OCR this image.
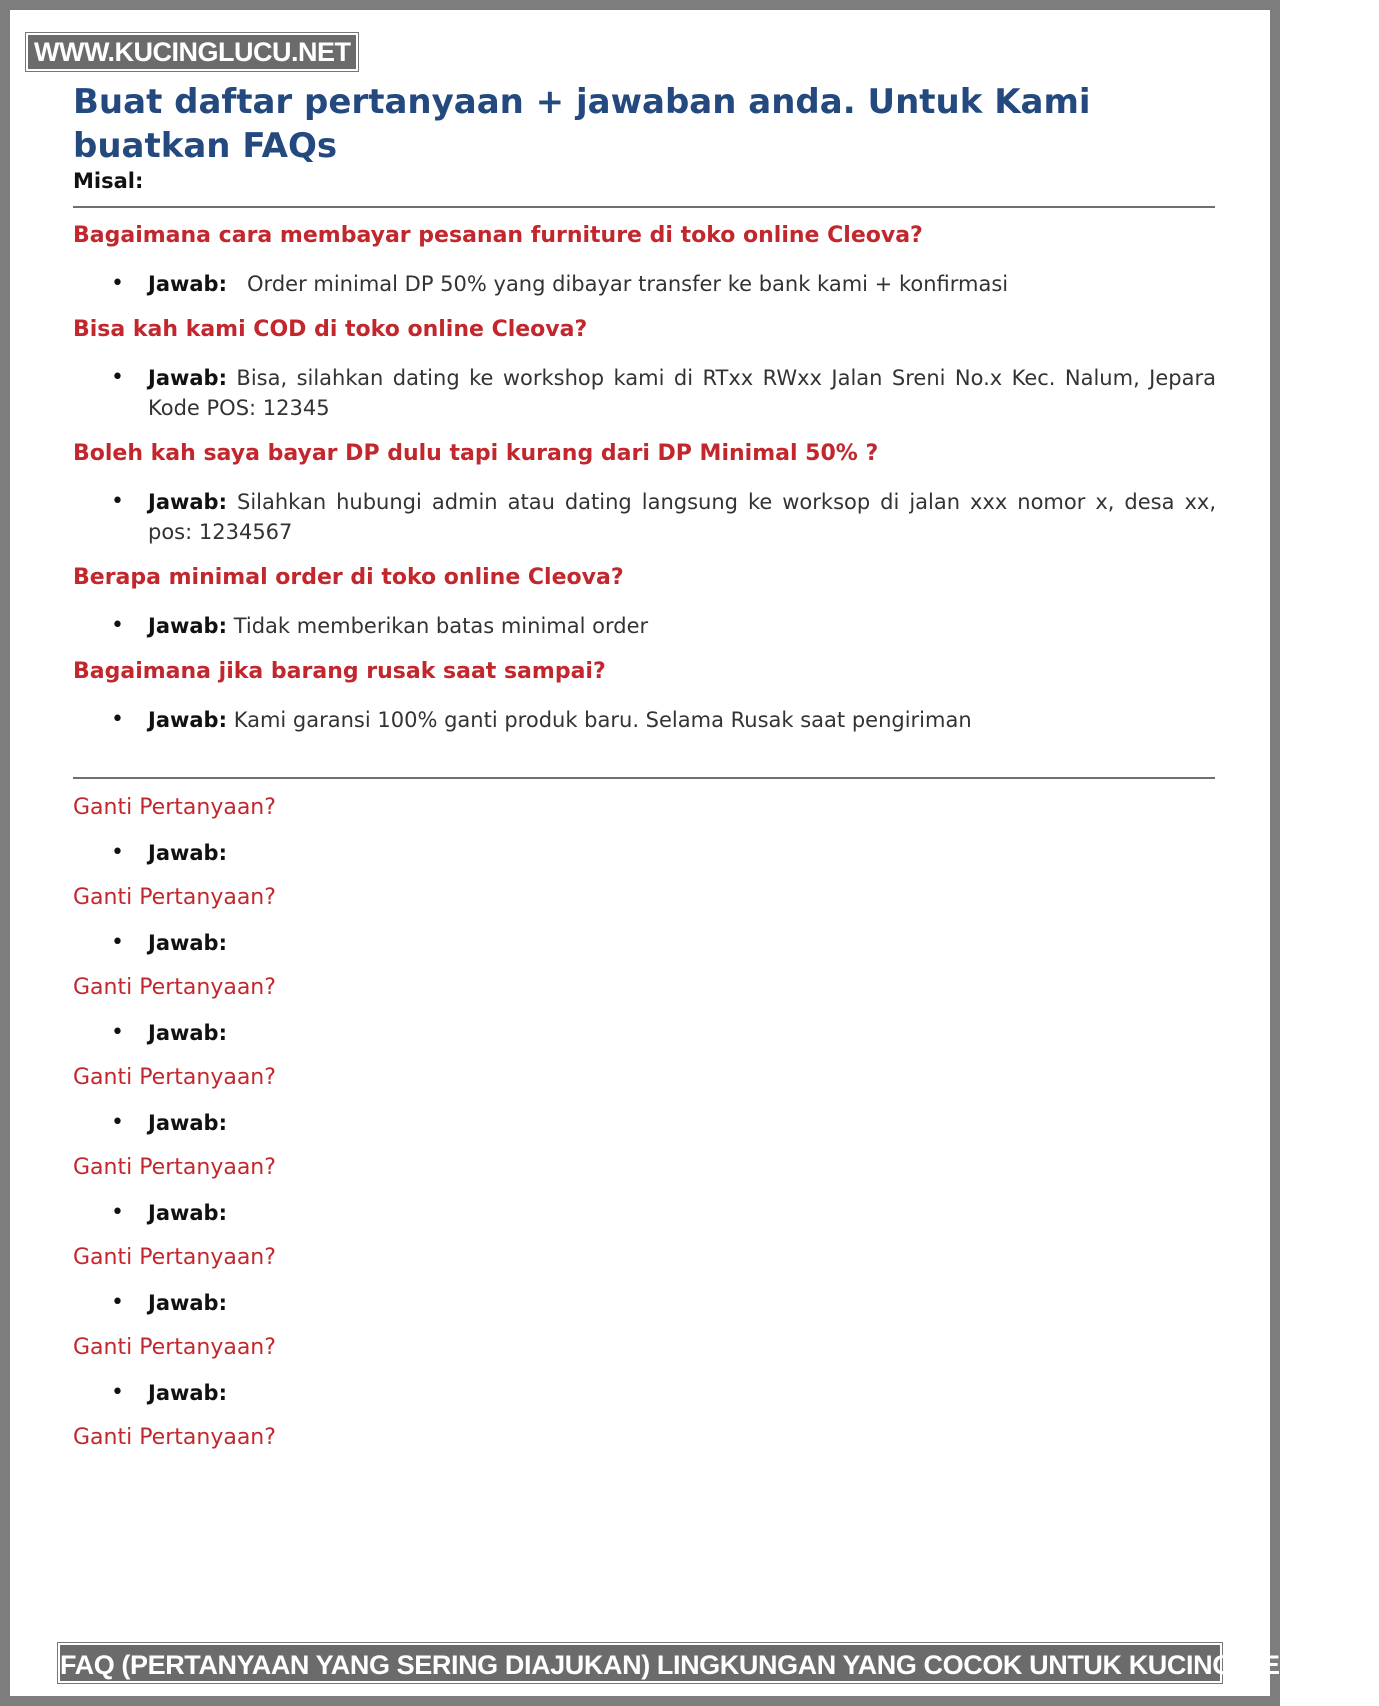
WWW.KUCINGLUCU.NET
Buat daftar pertanyaan + jawaban anda. Untuk Kami buatkan FAQs

Misal:

Bagaimana cara membayar pesanan furniture di toko online Cleova?

• Jawab: Order minimal DP 50% yang dibayar transfer ke bank kami + konfirmasi

Bisa kah kami COD di toko online Cleova?

• Jawab: Bisa, silahkan dating ke workshop kami di RTxx RWxx Jalan Sreni No.x Kec. Nalum, Jepara Kode POS: 12345

Boleh kah saya bayar DP dulu tapi kurang dari DP Minimal 50% ?

• Jawab: Silahkan hubungi admin atau dating langsung ke worksop di jalan xxx nomor x, desa xx, pos: 1234567

Berapa minimal order di toko online Cleova?

• Jawab: Tidak memberikan batas minimal order

Bagaimana jika barang rusak saat sampai?

• Jawab: Kami garansi 100% ganti produk baru. Selama Rusak saat pengiriman

Ganti Pertanyaan?

• Jawab:

Ganti Pertanyaan?

• Jawab:

Ganti Pertanyaan?

• Jawab:

Ganti Pertanyaan?

• Jawab:

Ganti Pertanyaan?

• Jawab:

Ganti Pertanyaan?

• Jawab:

Ganti Pertanyaan?

• Jawab:

Ganti Pertanyaan?

FAQ (PERTANYAAN YANG SERING DIAJUKAN) LINGKUNGAN YANG COCOK UNTUK KUCING MENYUSUI
